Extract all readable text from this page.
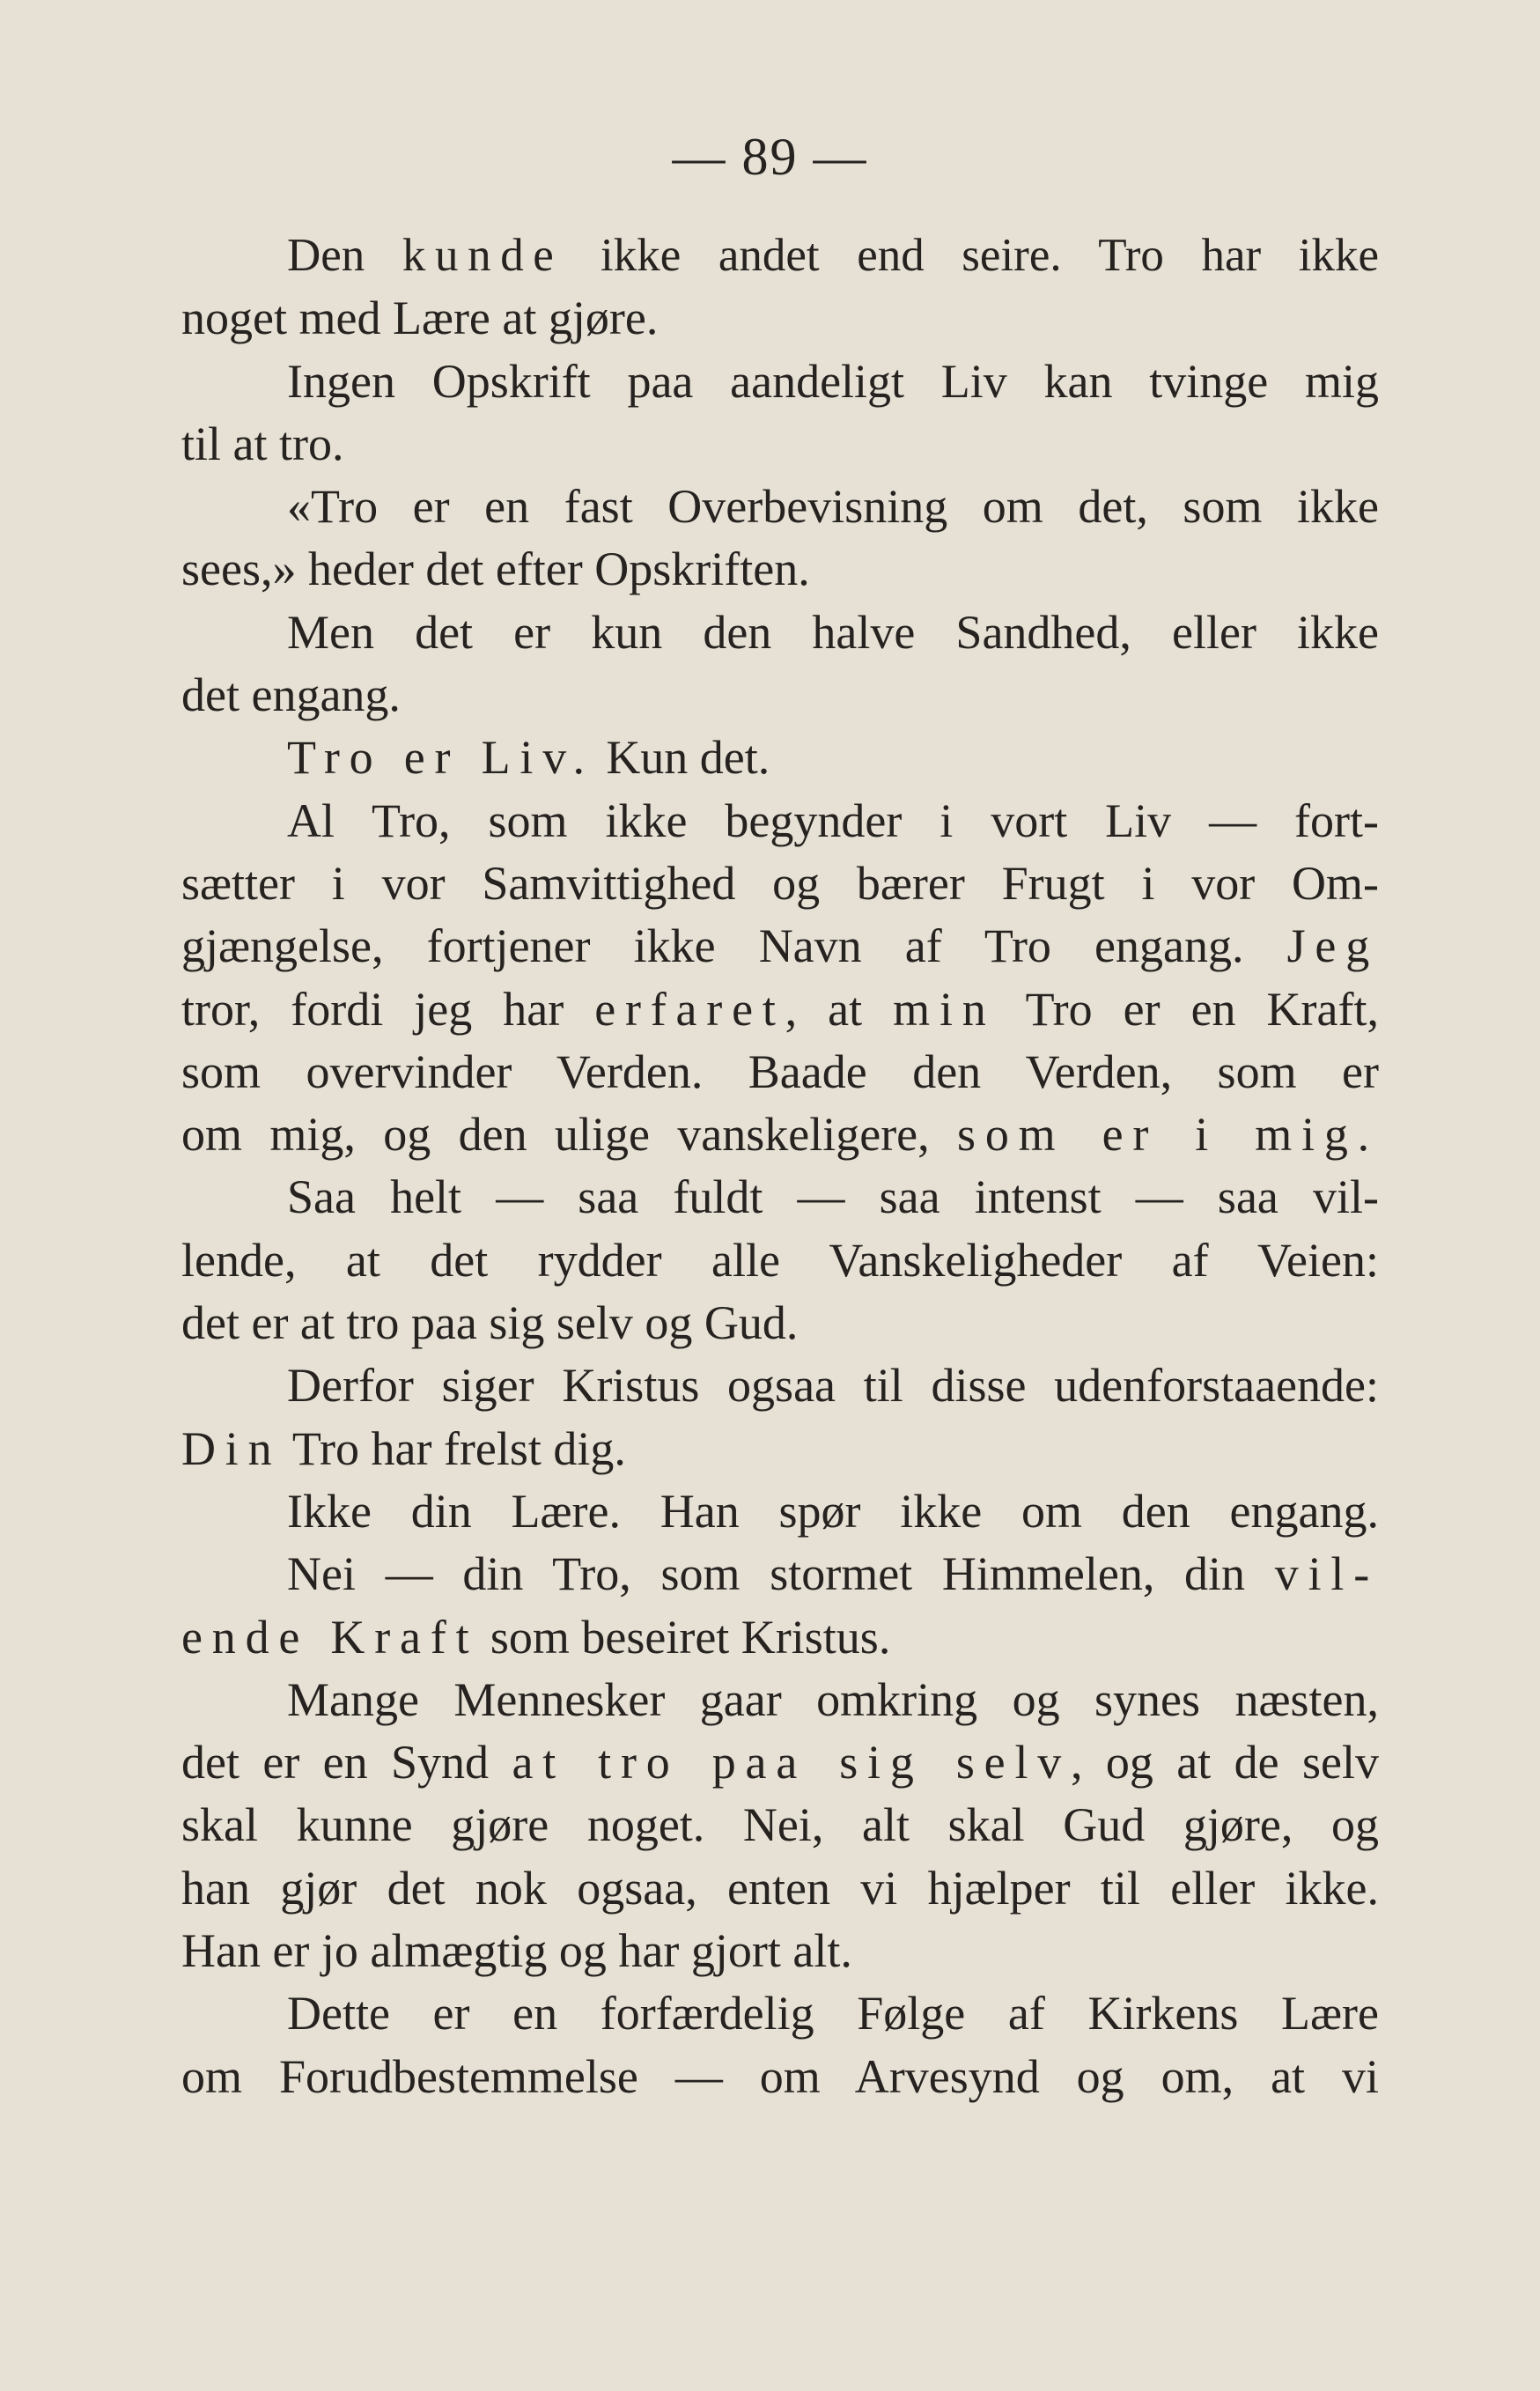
— 89 —
Den kunde ikke andet end seire. Tro har ikke
noget med Lære at gjøre.
Ingen Opskrift paa aandeligt Liv kan tvinge mig
til at tro.
«Tro er en fast Overbevisning om det, som ikke
sees,» heder det efter Opskriften.
Men det er kun den halve Sandhed, eller ikke
det engang.
Tro er Liv. Kun det.
Al Tro, som ikke begynder i vort Liv — fort-
sætter i vor Samvittighed og bærer Frugt i vor Om-
gjængelse, fortjener ikke Navn af Tro engang. Jeg
tror, fordi jeg har erfaret, at min Tro er en Kraft,
som overvinder Verden. Baade den Verden, som er
om mig, og den ulige vanskeligere, som er i mig.
Saa helt — saa fuldt — saa intenst — saa vil-
lende, at det rydder alle Vanskeligheder af Veien:
det er at tro paa sig selv og Gud.
Derfor siger Kristus ogsaa til disse udenforstaaende:
Din Tro har frelst dig.
Ikke din Lære. Han spør ikke om den engang.
Nei — din Tro, som stormet Himmelen, din vil-
ende Kraft som beseiret Kristus.
Mange Mennesker gaar omkring og synes næsten,
det er en Synd at tro paa sig selv, og at de selv
skal kunne gjøre noget. Nei, alt skal Gud gjøre, og
han gjør det nok ogsaa, enten vi hjælper til eller ikke.
Han er jo almægtig og har gjort alt.
Dette er en forfærdelig Følge af Kirkens Lære
om Forudbestemmelse — om Arvesynd og om, at vi
